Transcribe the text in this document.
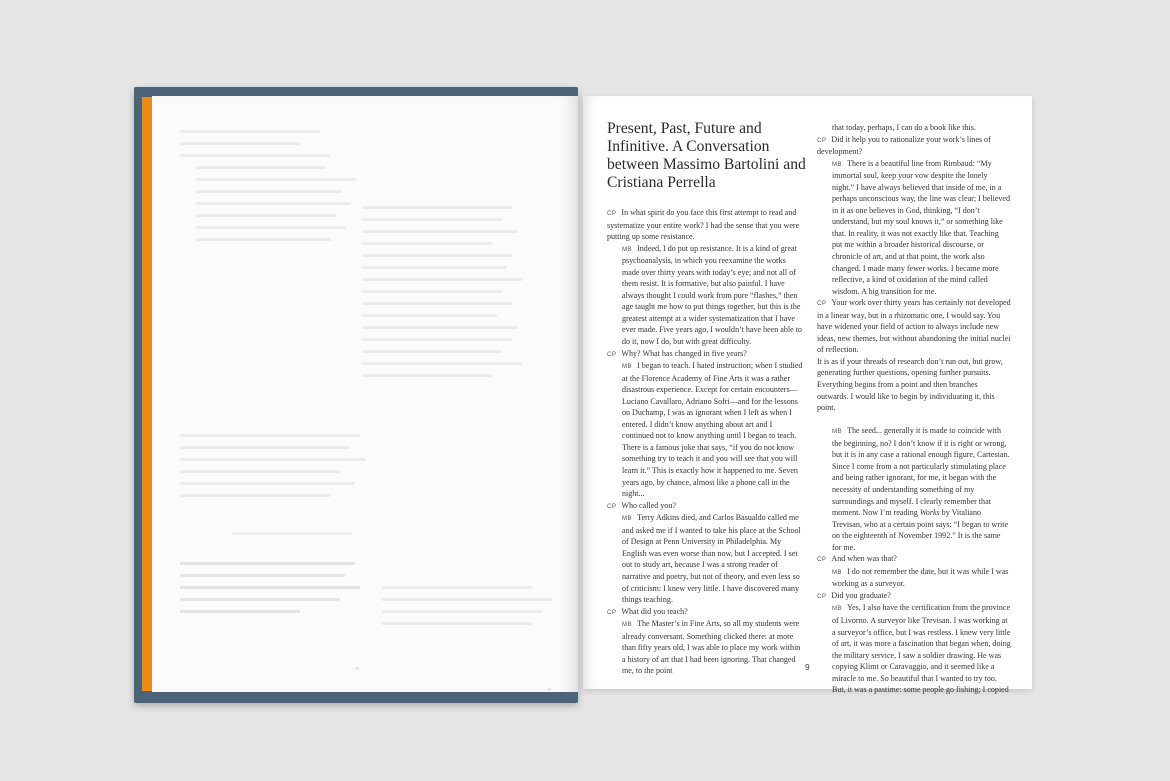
Present, Past, Future and Infinitive. A Conversation between Massimo Bartolini and Cristiana Perrella

CP In what spirit do you face this first attempt to read and systematize your entire work? I had the sense that you were putting up some resistance.

MB Indeed, I do put up resistance. It is a kind of great psychoanalysis, in which you reexamine the works made over thirty years with today’s eye; and not all of them resist. It is formative, but also painful. I have always thought I could work from pure “flashes,” then age taught me how to put things together, but this is the greatest attempt at a wider systematization that I have ever made. Five years ago, I wouldn’t have been able to do it, now I do, but with great difficulty.

CP Why? What has changed in five years?

MB I began to teach. I hated instruction; when I studied at the Florence Academy of Fine Arts it was a rather disastrous experience. Except for certain encounters—Luciano Cavallaro, Adriano Sofri—and for the lessons on Duchamp, I was as ignorant when I left as when I entered. I didn’t know anything about art and I continued not to know anything until I began to teach. There is a famous joke that says, “if you do not know something try to teach it and you will see that you will learn it.” This is exactly how it happened to me. Seven years ago, by chance, almost like a phone call in the night...

CP Who called you?

MB Terry Adkins died, and Carlos Basualdo called me and asked me if I wanted to take his place at the School of Design at Penn University in Philadelphia. My English was even worse than now, but I accepted. I set out to study art, because I was a strong reader of narrative and poetry, but not of theory, and even less so of criticism: I knew very little. I have discovered many things teaching.

CP What did you teach?

MB The Master’s in Fine Arts, so all my students were already conversant. Something clicked there: at more than fifty years old, I was able to place my work within a history of art that I had been ignoring. That changed me, to the point

that today, perhaps, I can do a book like this.

CP Did it help you to rationalize your work’s lines of development?

MB There is a beautiful line from Rimbaud: “My immortal soul, keep your vow despite the lonely night.” I have always believed that inside of me, in a perhaps unconscious way, the line was clear; I believed in it as one believes in God, thinking, “I don’t understand, but my soul knows it,” or something like that. In reality, it was not exactly like that. Teaching put me within a broader historical discourse, or chronicle of art, and at that point, the work also changed. I made many fewer works. I became more reflective, a kind of oxidation of the mind called wisdom. A big transition for me.

CP Your work over thirty years has certainly not developed in a linear way, but in a rhizomatic one, I would say. You have widened your field of action to always include new ideas, new themes, but without abandoning the initial nuclei of reflection.

It is as if your threads of research don’t run out, but grow, generating further questions, opening further pursuits. Everything begins from a point and then branches outwards. I would like to begin by individuating it, this point.

MB The seed... generally it is made to coincide with the beginning, no? I don’t know if it is right or wrong, but it is in any case a rational enough figure, Cartesian. Since I come from a not particularly stimulating place and being rather ignorant, for me, it began with the necessity of understanding something of my surroundings and myself. I clearly remember that moment. Now I’m reading Works by Vitaliano Trevisan, who at a certain point says: “I began to write on the eighteenth of November 1992.” It is the same for me.

CP And when was that?

MB I do not remember the date, but it was while I was working as a surveyor.

CP Did you graduate?

MB Yes, I also have the certification from the province of Livorno. A surveyor like Trevisan. I was working at a surveyor’s office, but I was restless. I knew very little of art, it was more a fascination that began when, doing the military service, I saw a soldier drawing. He was copying Klimt or Caravaggio, and it seemed like a miracle to me. So beautiful that I wanted to try too. But, it was a pastime: some people go fishing; I copied

9
